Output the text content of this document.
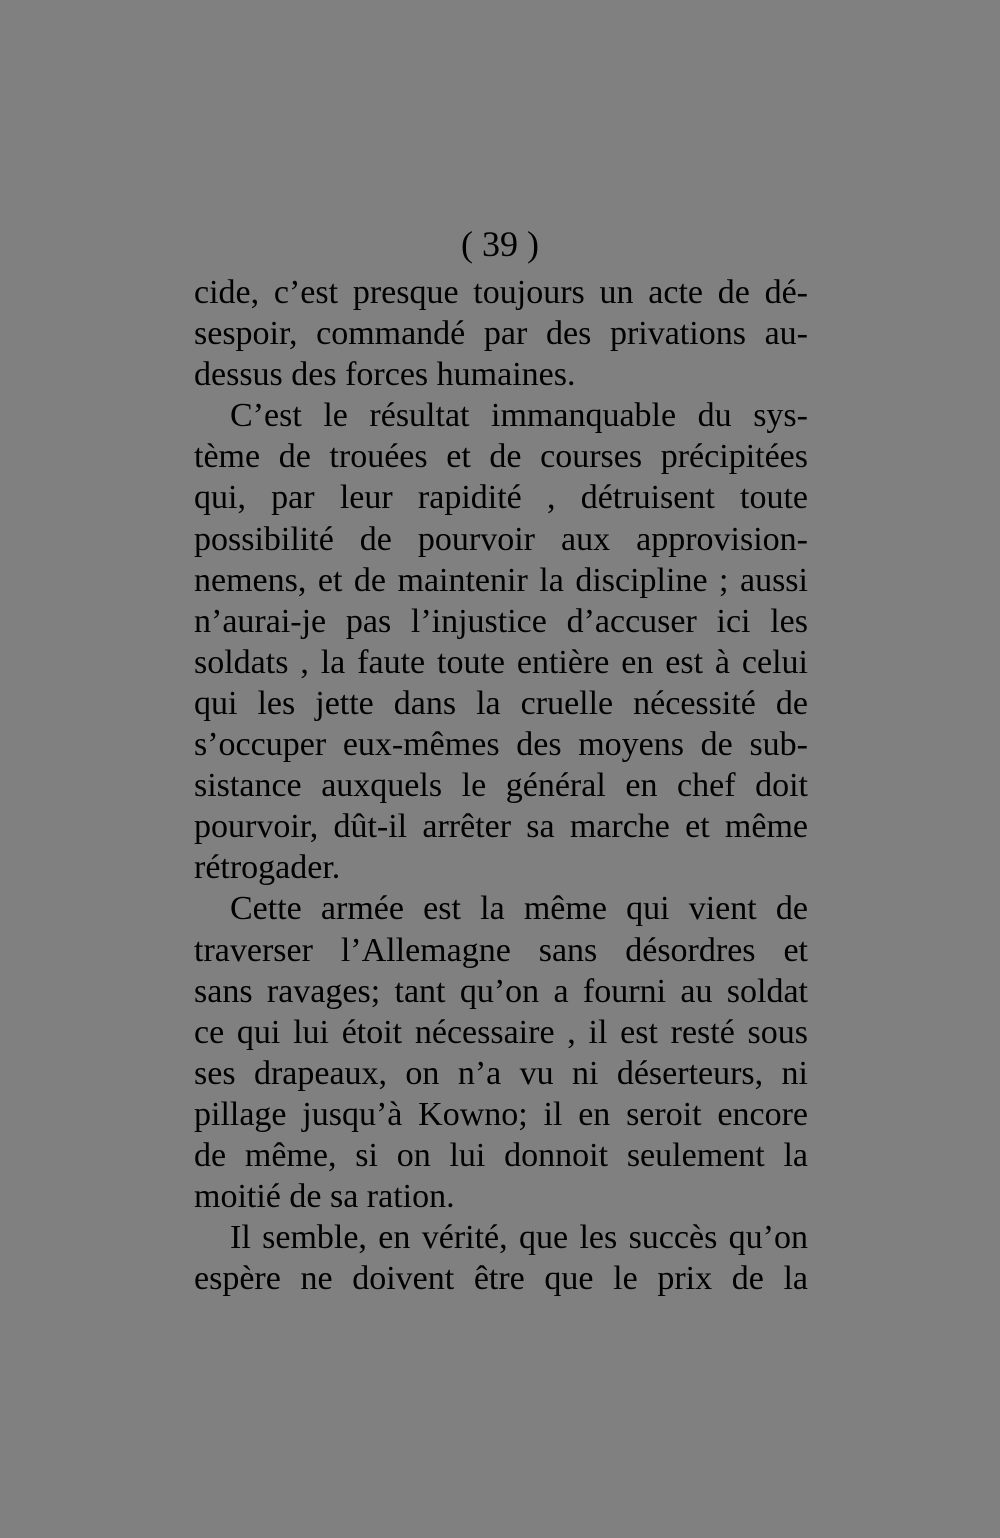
( 39 )
cide, c’est presque toujours un acte de dé-
sespoir, commandé par des privations au-
dessus des forces humaines.
C’est le résultat immanquable du sys-
tème de trouées et de courses précipitées
qui, par leur rapidité , détruisent toute
possibilité de pourvoir aux approvision-
nemens, et de maintenir la discipline ; aussi
n’aurai-je pas l’injustice d’accuser ici les
soldats , la faute toute entière en est à celui
qui les jette dans la cruelle nécessité de
s’occuper eux-mêmes des moyens de sub-
sistance auxquels le général en chef doit
pourvoir, dût-il arrêter sa marche et même
rétrogader.
Cette armée est la même qui vient de
traverser l’Allemagne sans désordres et
sans ravages; tant qu’on a fourni au soldat
ce qui lui étoit nécessaire , il est resté sous
ses drapeaux, on n’a vu ni déserteurs, ni
pillage jusqu’à Kowno; il en seroit encore
de même, si on lui donnoit seulement la
moitié de sa ration.
Il semble, en vérité, que les succès qu’on
espère ne doivent être que le prix de la
